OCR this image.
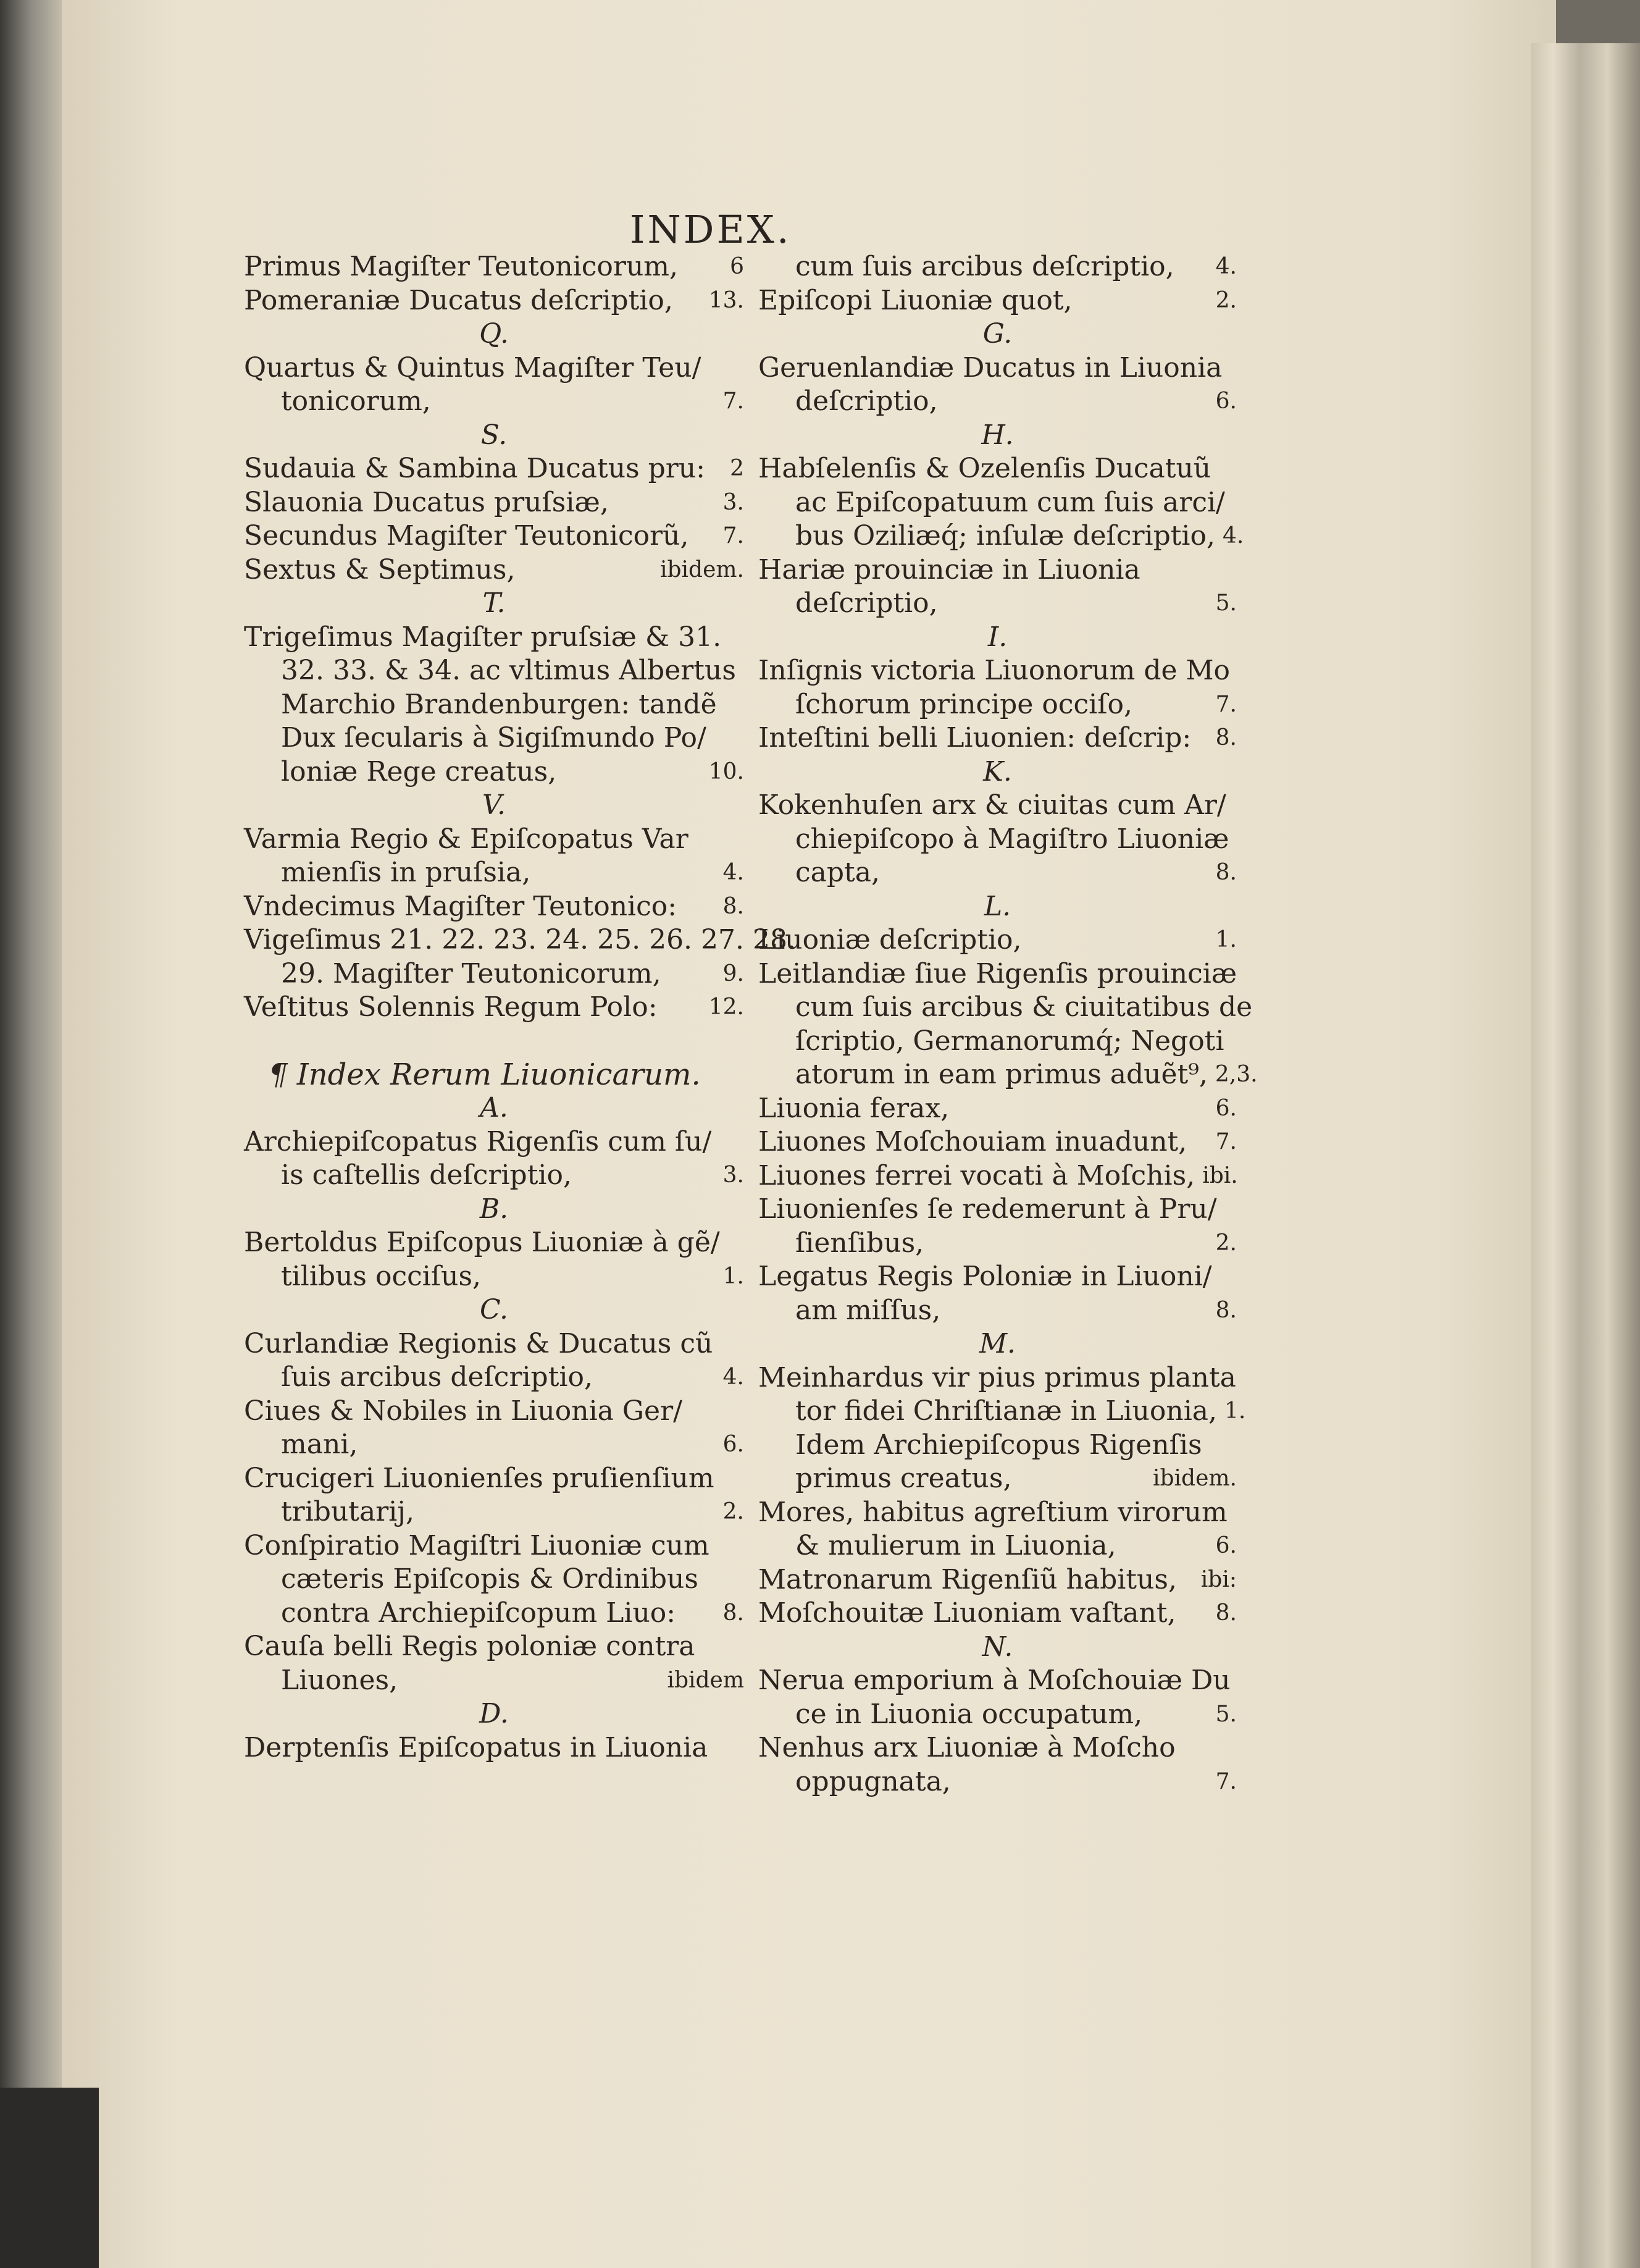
INDEX.
Primus Magiſter Teutonicorum,	6
Pomeraniæ Ducatus deſcriptio,	13.
Q.
Quartus & Quintus Magiſter Teu/
tonicorum,	7.
S.
Sudauia & Sambina Ducatus pru:	2
Slauonia Ducatus pruſsiæ,	3.
Secundus Magiſter Teutonicorũ,	7.
Sextus & Septimus,	ibidem.
T.
Trigeſimus Magiſter pruſsiæ & 31.
32. 33. & 34. ac vltimus Albertus
Marchio Brandenburgen: tandẽ
Dux ſecularis à Sigiſmundo Po/
loniæ Rege creatus,	10.
V.
Varmia Regio & Epiſcopatus Var
mienſis in pruſsia,	4.
Vndecimus Magiſter Teutonico:	8.
Vigeſimus 21. 22. 23. 24. 25. 26. 27. 28.
29. Magiſter Teutonicorum,	9.
Veſtitus Solennis Regum Polo:	12.
¶ Index Rerum Liuonicarum.
A.
Archiepiſcopatus Rigenſis cum ſu/
is caſtellis deſcriptio,	3.
B.
Bertoldus Epiſcopus Liuoniæ à gẽ/
tilibus occiſus,	1.
C.
Curlandiæ Regionis & Ducatus cũ
ſuis arcibus deſcriptio,	4.
Ciues & Nobiles in Liuonia Ger/
mani,	6.
Crucigeri Liuonienſes pruſienſium
tributarij,	2.
Conſpiratio Magiſtri Liuoniæ cum
cæteris Epiſcopis & Ordinibus
contra Archiepiſcopum Liuo:	8.
Cauſa belli Regis poloniæ contra
Liuones,	ibidem
D.
Derptenſis Epiſcopatus in Liuonia
cum ſuis arcibus deſcriptio,	4.
Epiſcopi Liuoniæ quot,	2.
G.
Geruenlandiæ Ducatus in Liuonia
deſcriptio,	6.
H.
Habſelenſis & Ozelenſis Ducatuũ
ac Epiſcopatuum cum ſuis arci/
bus Oziliæq́; inſulæ deſcriptio, 4.
Hariæ prouinciæ in Liuonia
deſcriptio,	5.
I.
Inſignis victoria Liuonorum de Mo
ſchorum principe occiſo,	7.
Inteſtini belli Liuonien: deſcrip:	8.
K.
Kokenhuſen arx & ciuitas cum Ar/
chiepiſcopo à Magiſtro Liuoniæ
capta,	8.
L.
Liuoniæ deſcriptio,	1.
Leitlandiæ ſiue Rigenſis prouinciæ
cum ſuis arcibus & ciuitatibus de
ſcriptio, Germanorumq́; Negoti
atorum in eam primus aduẽt⁹, 2,3.
Liuonia ferax,	6.
Liuones Moſchouiam inuadunt,	7.
Liuones ferrei vocati à Moſchis, ibi.
Liuonienſes ſe redemerunt à Pru/
ſienſibus,	2.
Legatus Regis Poloniæ in Liuoni/
am miſſus,	8.
M.
Meinhardus vir pius primus planta
tor fidei Chriſtianæ in Liuonia, 1.
Idem Archiepiſcopus Rigenſis
primus creatus,	ibidem.
Mores, habitus agreſtium virorum
& mulierum in Liuonia,	6.
Matronarum Rigenſiũ habitus,	ibi:
Moſchouitæ Liuoniam vaſtant,	8.
N.
Nerua emporium à Moſchouiæ Du
ce in Liuonia occupatum,	5.
Nenhus arx Liuoniæ à Moſcho
oppugnata,	7.
